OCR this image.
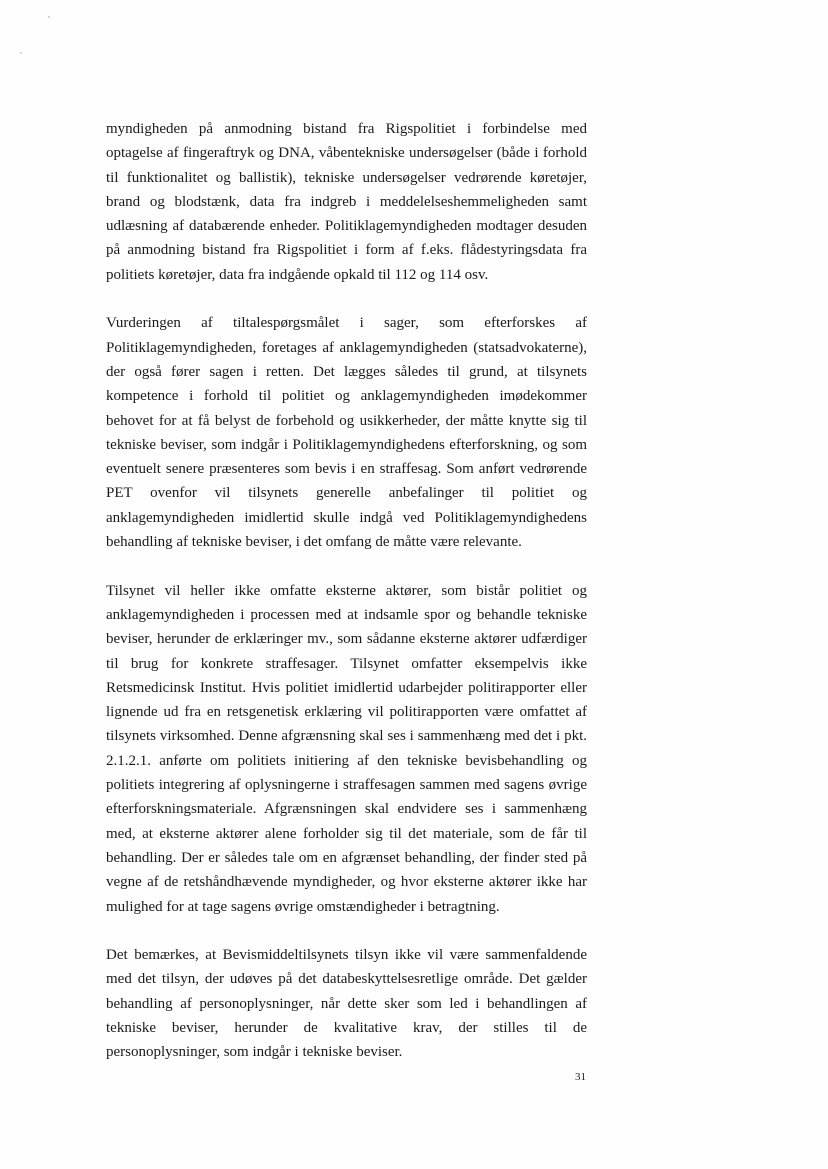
myndigheden på anmodning bistand fra Rigspolitiet i forbindelse med optagelse af fingeraftryk og DNA, våbentekniske undersøgelser (både i forhold til funktionalitet og ballistik), tekniske undersøgelser vedrørende køretøjer, brand og blodstænk, data fra indgreb i meddelelseshemmeligheden samt udlæsning af databærende enheder. Politiklagemyndigheden modtager desuden på anmodning bistand fra Rigspolitiet i form af f.eks. flådestyringsdata fra politiets køretøjer, data fra indgående opkald til 112 og 114 osv.

Vurderingen af tiltalespørgsmålet i sager, som efterforskes af Politiklagemyndigheden, foretages af anklagemyndigheden (statsadvokaterne), der også fører sagen i retten. Det lægges således til grund, at tilsynets kompetence i forhold til politiet og anklagemyndigheden imødekommer behovet for at få belyst de forbehold og usikkerheder, der måtte knytte sig til tekniske beviser, som indgår i Politiklagemyndighedens efterforskning, og som eventuelt senere præsenteres som bevis i en straffesag. Som anført vedrørende PET ovenfor vil tilsynets generelle anbefalinger til politiet og anklagemyndigheden imidlertid skulle indgå ved Politiklagemyndighedens behandling af tekniske beviser, i det omfang de måtte være relevante.

Tilsynet vil heller ikke omfatte eksterne aktører, som bistår politiet og anklagemyndigheden i processen med at indsamle spor og behandle tekniske beviser, herunder de erklæringer mv., som sådanne eksterne aktører udfærdiger til brug for konkrete straffesager. Tilsynet omfatter eksempelvis ikke Retsmedicinsk Institut. Hvis politiet imidlertid udarbejder politirapporter eller lignende ud fra en retsgenetisk erklæring vil politirapporten være omfattet af tilsynets virksomhed. Denne afgrænsning skal ses i sammenhæng med det i pkt. 2.1.2.1. anførte om politiets initiering af den tekniske bevisbehandling og politiets integrering af oplysningerne i straffesagen sammen med sagens øvrige efterforskningsmateriale. Afgrænsningen skal endvidere ses i sammenhæng med, at eksterne aktører alene forholder sig til det materiale, som de får til behandling. Der er således tale om en afgrænset behandling, der finder sted på vegne af de retshåndhævende myndigheder, og hvor eksterne aktører ikke har mulighed for at tage sagens øvrige omstændigheder i betragtning.

Det bemærkes, at Bevismiddeltilsynets tilsyn ikke vil være sammenfaldende med det tilsyn, der udøves på det databeskyttelsesretlige område. Det gælder behandling af personoplysninger, når dette sker som led i behandlingen af tekniske beviser, herunder de kvalitative krav, der stilles til de personoplysninger, som indgår i tekniske beviser.

31
